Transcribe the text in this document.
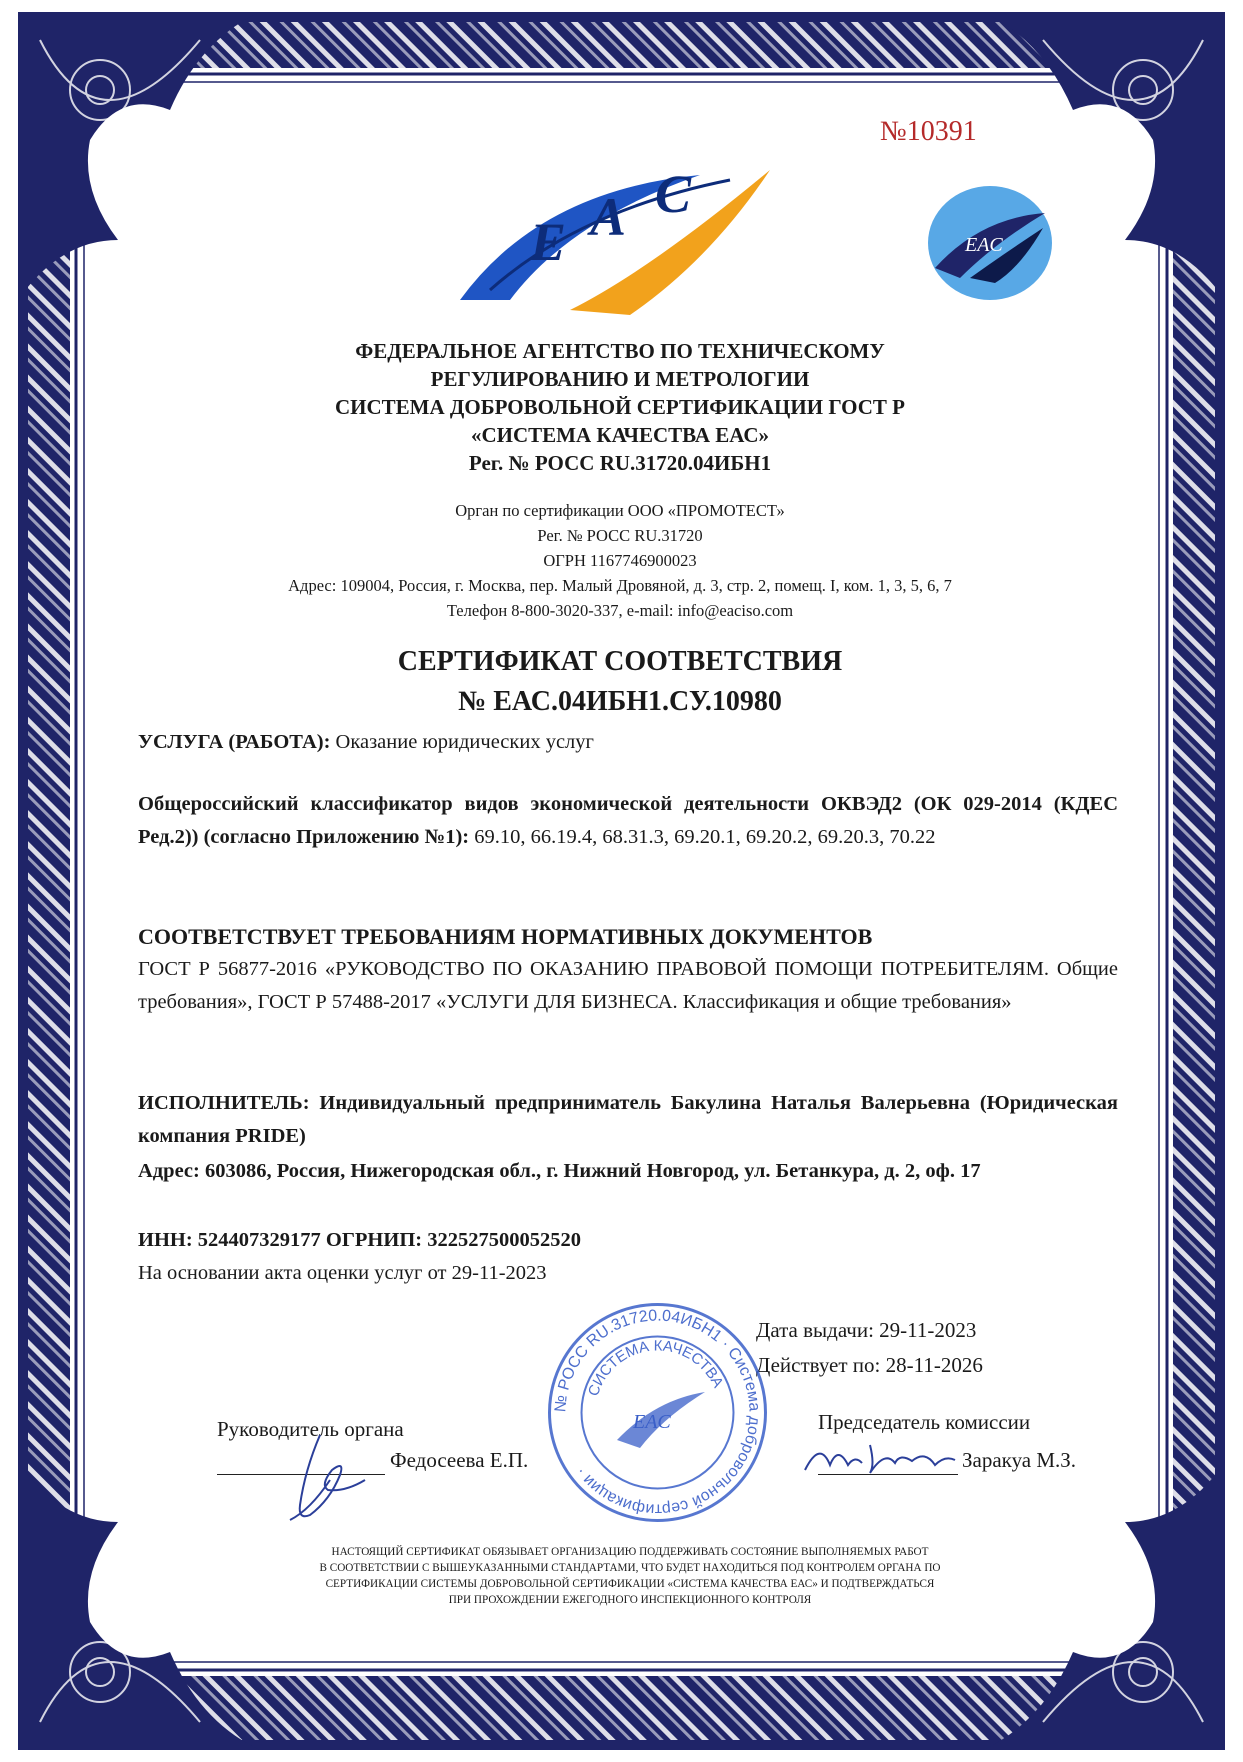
№10391
E A C
EAC
ФЕДЕРАЛЬНОЕ АГЕНТСТВО ПО ТЕХНИЧЕСКОМУ
РЕГУЛИРОВАНИЮ И МЕТРОЛОГИИ
СИСТЕМА ДОБРОВОЛЬНОЙ СЕРТИФИКАЦИИ ГОСТ Р
«СИСТЕМА КАЧЕСТВА ЕАС»
Рег. № РОСС RU.31720.04ИБН1
Орган по сертификации ООО «ПРОМОТЕСТ»
Рег. № РОСС RU.31720
ОГРН 1167746900023
Адрес: 109004, Россия, г. Москва, пер. Малый Дровяной, д. 3, стр. 2, помещ. I, ком. 1, 3, 5, 6, 7
Телефон 8-800-3020-337, e-mail: info@eaciso.com
СЕРТИФИКАТ СООТВЕТСТВИЯ
№ ЕАС.04ИБН1.СУ.10980
УСЛУГА (РАБОТА): Оказание юридических услуг
Общероссийский классификатор видов экономической деятельности ОКВЭД2 (ОК 029-2014 (КДЕС Ред.2)) (согласно Приложению №1): 69.10, 66.19.4, 68.31.3, 69.20.1, 69.20.2, 69.20.3, 70.22
СООТВЕТСТВУЕТ ТРЕБОВАНИЯМ НОРМАТИВНЫХ ДОКУМЕНТОВ
ГОСТ Р 56877-2016 «РУКОВОДСТВО ПО ОКАЗАНИЮ ПРАВОВОЙ ПОМОЩИ ПОТРЕБИТЕЛЯМ. Общие требования», ГОСТ Р 57488-2017 «УСЛУГИ ДЛЯ БИЗНЕСА. Классификация и общие требования»
ИСПОЛНИТЕЛЬ: Индивидуальный предприниматель Бакулина Наталья Валерьевна (Юридическая компания PRIDE)
Адрес: 603086, Россия, Нижегородская обл., г. Нижний Новгород, ул. Бетанкура, д. 2, оф. 17
ИНН: 524407329177 ОГРНИП: 322527500052520
На основании акта оценки услуг от 29-11-2023
Дата выдачи: 29-11-2023
Действует по: 28-11-2026
№ РОСС RU.31720.04ИБН1 · Система добровольной сертификации ·
СИСТЕМА КАЧЕСТВА
EAC
Руководитель органа
Федосеева Е.П.
Председатель комиссии
Заракуа М.З.
НАСТОЯЩИЙ СЕРТИФИКАТ ОБЯЗЫВАЕТ ОРГАНИЗАЦИЮ ПОДДЕРЖИВАТЬ СОСТОЯНИЕ ВЫПОЛНЯЕМЫХ РАБОТ
В СООТВЕТСТВИИ С ВЫШЕУКАЗАННЫМИ СТАНДАРТАМИ, ЧТО БУДЕТ НАХОДИТЬСЯ ПОД КОНТРОЛЕМ ОРГАНА ПО
СЕРТИФИКАЦИИ СИСТЕМЫ ДОБРОВОЛЬНОЙ СЕРТИФИКАЦИИ «СИСТЕМА КАЧЕСТВА ЕАС» И ПОДТВЕРЖДАТЬСЯ
ПРИ ПРОХОЖДЕНИИ ЕЖЕГОДНОГО ИНСПЕКЦИОННОГО КОНТРОЛЯ
